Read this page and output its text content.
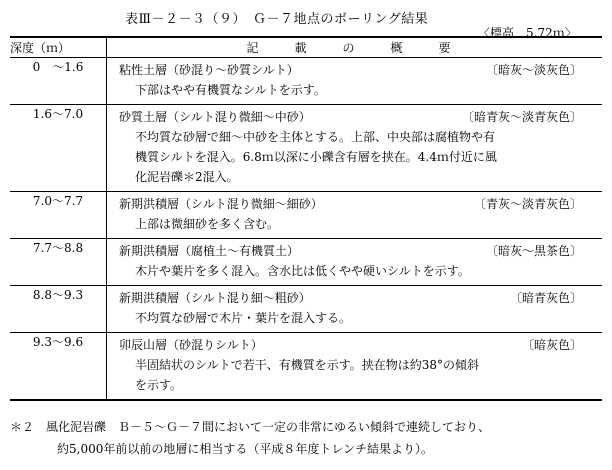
表Ⅲ－２－３（９）　Ｇ－７地点のボーリング結果
〈標高　5.72ｍ〉
深度（ｍ）	記　載　の　概　要
0　～1.6	粘性土層（砂混り～砂質シルト） 〔暗灰～淡灰色〕
下部はやや有機質なシルトを示す。

1.6～7.0	砂質土層（シルト混り微細～中砂） 〔暗青灰～淡青灰色〕
不均質な砂層で細～中砂を主体とする。上部、中央部は腐植物や有
機質シルトを混入。6.8ｍ以深に小礫含有層を挟在。4.4ｍ付近に風
化泥岩礫＊2混入。

7.0～7.7	新期洪積層（シルト混り微細～細砂） 〔青灰～淡青灰色〕
上部は微細砂を多く含む。

7.7～8.8	新期洪積層（腐植土～有機質土） 〔暗灰～黒茶色〕
木片や葉片を多く混入。含水比は低くやや硬いシルトを示す。

8.8～9.3	新期洪積層（シルト混り細～粗砂） 〔暗青灰色〕
不均質な砂層で木片・葉片を混入する。

9.3～9.6	卯辰山層（砂混りシルト） 〔暗灰色〕
半固結状のシルトで若干、有機質を示す。挟在物は約38°の傾斜
を示す。
＊２　風化泥岩礫　Ｂ－５～Ｇ－７間において一定の非常にゆるい傾斜で連続しており、
約5,000年前以前の地層に相当する（平成８年度トレンチ結果より）。
